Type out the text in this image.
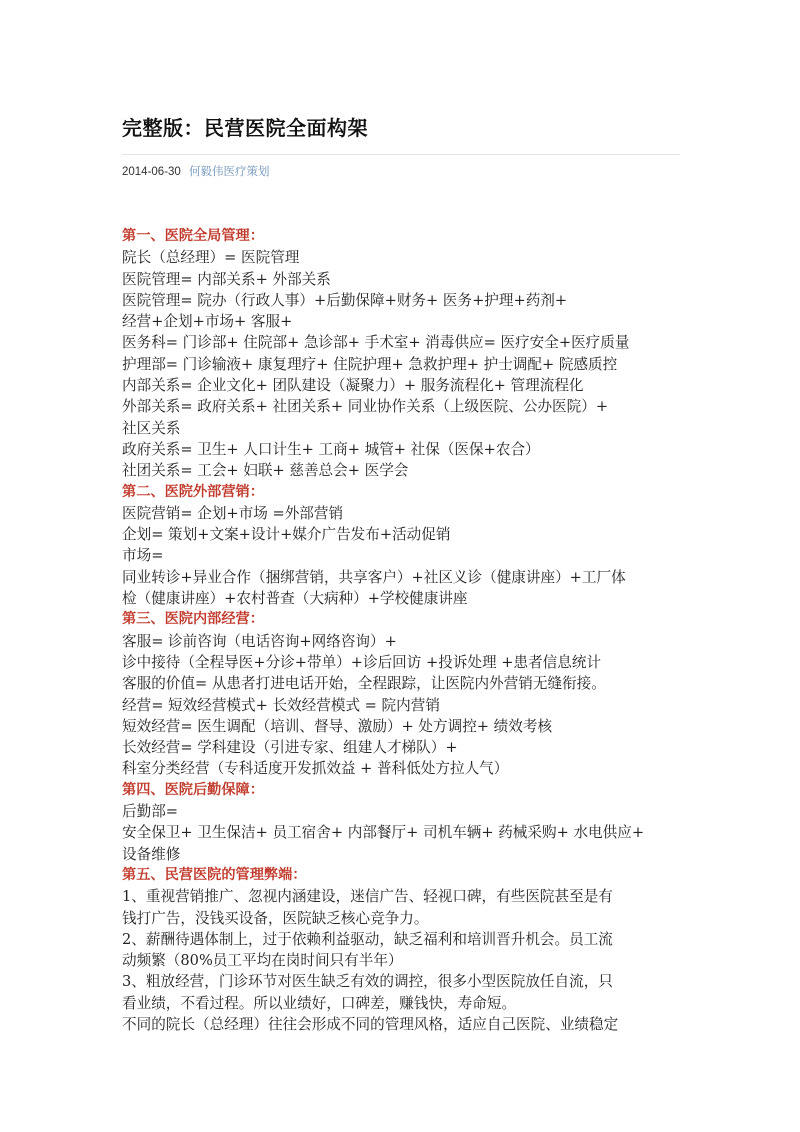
完整版：民营医院全面构架
2014-06-30 何毅伟医疗策划
第一、医院全局管理：
院长（总经理）= 医院管理
医院管理= 内部关系+ 外部关系
医院管理= 院办（行政人事）+后勤保障+财务+ 医务+护理+药剂+
经营+企划+市场+ 客服+
医务科= 门诊部+ 住院部+ 急诊部+ 手术室+ 消毒供应= 医疗安全+医疗质量
护理部= 门诊输液+ 康复理疗+ 住院护理+ 急救护理+ 护士调配+ 院感质控
内部关系= 企业文化+ 团队建设（凝聚力）+ 服务流程化+ 管理流程化
外部关系= 政府关系+ 社团关系+ 同业协作关系（上级医院、公办医院）+
社区关系
政府关系= 卫生+ 人口计生+ 工商+ 城管+ 社保（医保+农合）
社团关系= 工会+ 妇联+ 慈善总会+ 医学会
第二、医院外部营销：
医院营销= 企划+市场 =外部营销
企划= 策划+文案+设计+媒介广告发布+活动促销
市场=
同业转诊+异业合作（捆绑营销，共享客户）+社区义诊（健康讲座）+工厂体
检（健康讲座）+农村普查（大病种）+学校健康讲座
第三、医院内部经营：
客服= 诊前咨询（电话咨询+网络咨询）+
诊中接待（全程导医+分诊+带单）+诊后回访 +投诉处理 +患者信息统计
客服的价值= 从患者打进电话开始，全程跟踪，让医院内外营销无缝衔接。
经营= 短效经营模式+ 长效经营模式 = 院内营销
短效经营= 医生调配（培训、督导、激励）+ 处方调控+ 绩效考核
长效经营= 学科建设（引进专家、组建人才梯队）+
科室分类经营（专科适度开发抓效益 + 普科低处方拉人气）
第四、医院后勤保障：
后勤部=
安全保卫+ 卫生保洁+ 员工宿舍+ 内部餐厅+ 司机车辆+ 药械采购+ 水电供应+
设备维修
第五、民营医院的管理弊端：
1、重视营销推广、忽视内涵建设，迷信广告、轻视口碑，有些医院甚至是有
钱打广告，没钱买设备，医院缺乏核心竞争力。
2、薪酬待遇体制上，过于依赖利益驱动，缺乏福利和培训晋升机会。员工流
动频繁（80%员工平均在岗时间只有半年）
3、粗放经营，门诊环节对医生缺乏有效的调控，很多小型医院放任自流，只
看业绩，不看过程。所以业绩好，口碑差，赚钱快，寿命短。
不同的院长（总经理）往往会形成不同的管理风格，适应自己医院、业绩稳定
